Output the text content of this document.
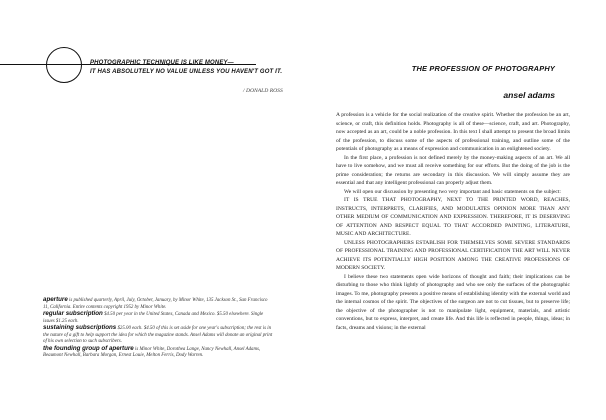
PHOTOGRAPHIC TECHNIQUE IS LIKE MONEY—
IT HAS ABSOLUTELY NO VALUE UNLESS YOU HAVEN'T GOT IT.
/ DONALD ROSS
THE PROFESSION OF PHOTOGRAPHY
ansel adams

A profession is a vehicle for the social realization of the creative spirit. Whether the profession be an art, science, or craft, this definition holds. Photography is all of these—science, craft, and art. Photography, now accepted as an art, could be a noble profession. In this text I shall attempt to present the broad limits of the profession, to discuss some of the aspects of professional training, and outline some of the potentials of photography as a means of expression and communication in an enlightened society.

In the first place, a profession is not defined merely by the money-making aspects of an art. We all have to live somehow, and we must all receive something for our efforts. But the doing of the job is the prime consideration; the returns are secondary in this discussion. We will simply assume they are essential and that any intelligent professional can properly adjust them.

We will open our discussion by presenting two very important and basic statements on the subject:

IT IS TRUE THAT PHOTOGRAPHY, NEXT TO THE PRINTED WORD, REACHES, INSTRUCTS, INTERPRETS, CLARIFIES, AND MODULATES OPINION MORE THAN ANY OTHER MEDIUM OF COMMUNICATION AND EXPRESSION. THEREFORE, IT IS DESERVING OF ATTENTION AND RESPECT EQUAL TO THAT ACCORDED PAINTING, LITERATURE, MUSIC AND ARCHITECTURE.

UNLESS PHOTOGRAPHERS ESTABLISH FOR THEMSELVES SOME SEVERE STANDARDS OF PROFESSIONAL TRAINING AND PROFESSIONAL CERTIFICATION THE ART WILL NEVER ACHIEVE ITS POTENTIALLY HIGH POSITION AMONG THE CREATIVE PROFESSIONS OF MODERN SOCIETY.

I believe these two statements open wide horizons of thought and faith; their implications can be disturbing to those who think lightly of photography and who see only the surfaces of the photographic images. To me, photography presents a positive means of establishing identity with the external world and the internal cosmos of the spirit. The objectives of the surgeon are not to cut tissues, but to preserve life; the objective of the photographer is not to manipulate light, equipment, materials, and artistic conventions, but to express, interpret, and create life. And this life is reflected in people, things, ideas; in facts, dreams and visions; in the external

aperture is published quarterly, April, July, October, January, by Minor White, 135 Jackson St., San Francisco 11, California. Entire contents copyright 1952 by Minor White.

regular subscription $4.50 per year in the United States, Canada and Mexico. $5.50 elsewhere. Single issues $1.25 each.

sustaining subscriptions $25.00 each. $4.50 of this is set aside for one year's subscription; the rest is in the nature of a gift to help support the idea for which the magazine stands. Ansel Adams will donate an original print of his own selection to such subscribers.

the founding group of aperture is Minor White, Dorothea Lange, Nancy Newhall, Ansel Adams, Beaumont Newhall, Barbara Morgan, Ernest Louie, Melton Ferris, Dody Warren.
